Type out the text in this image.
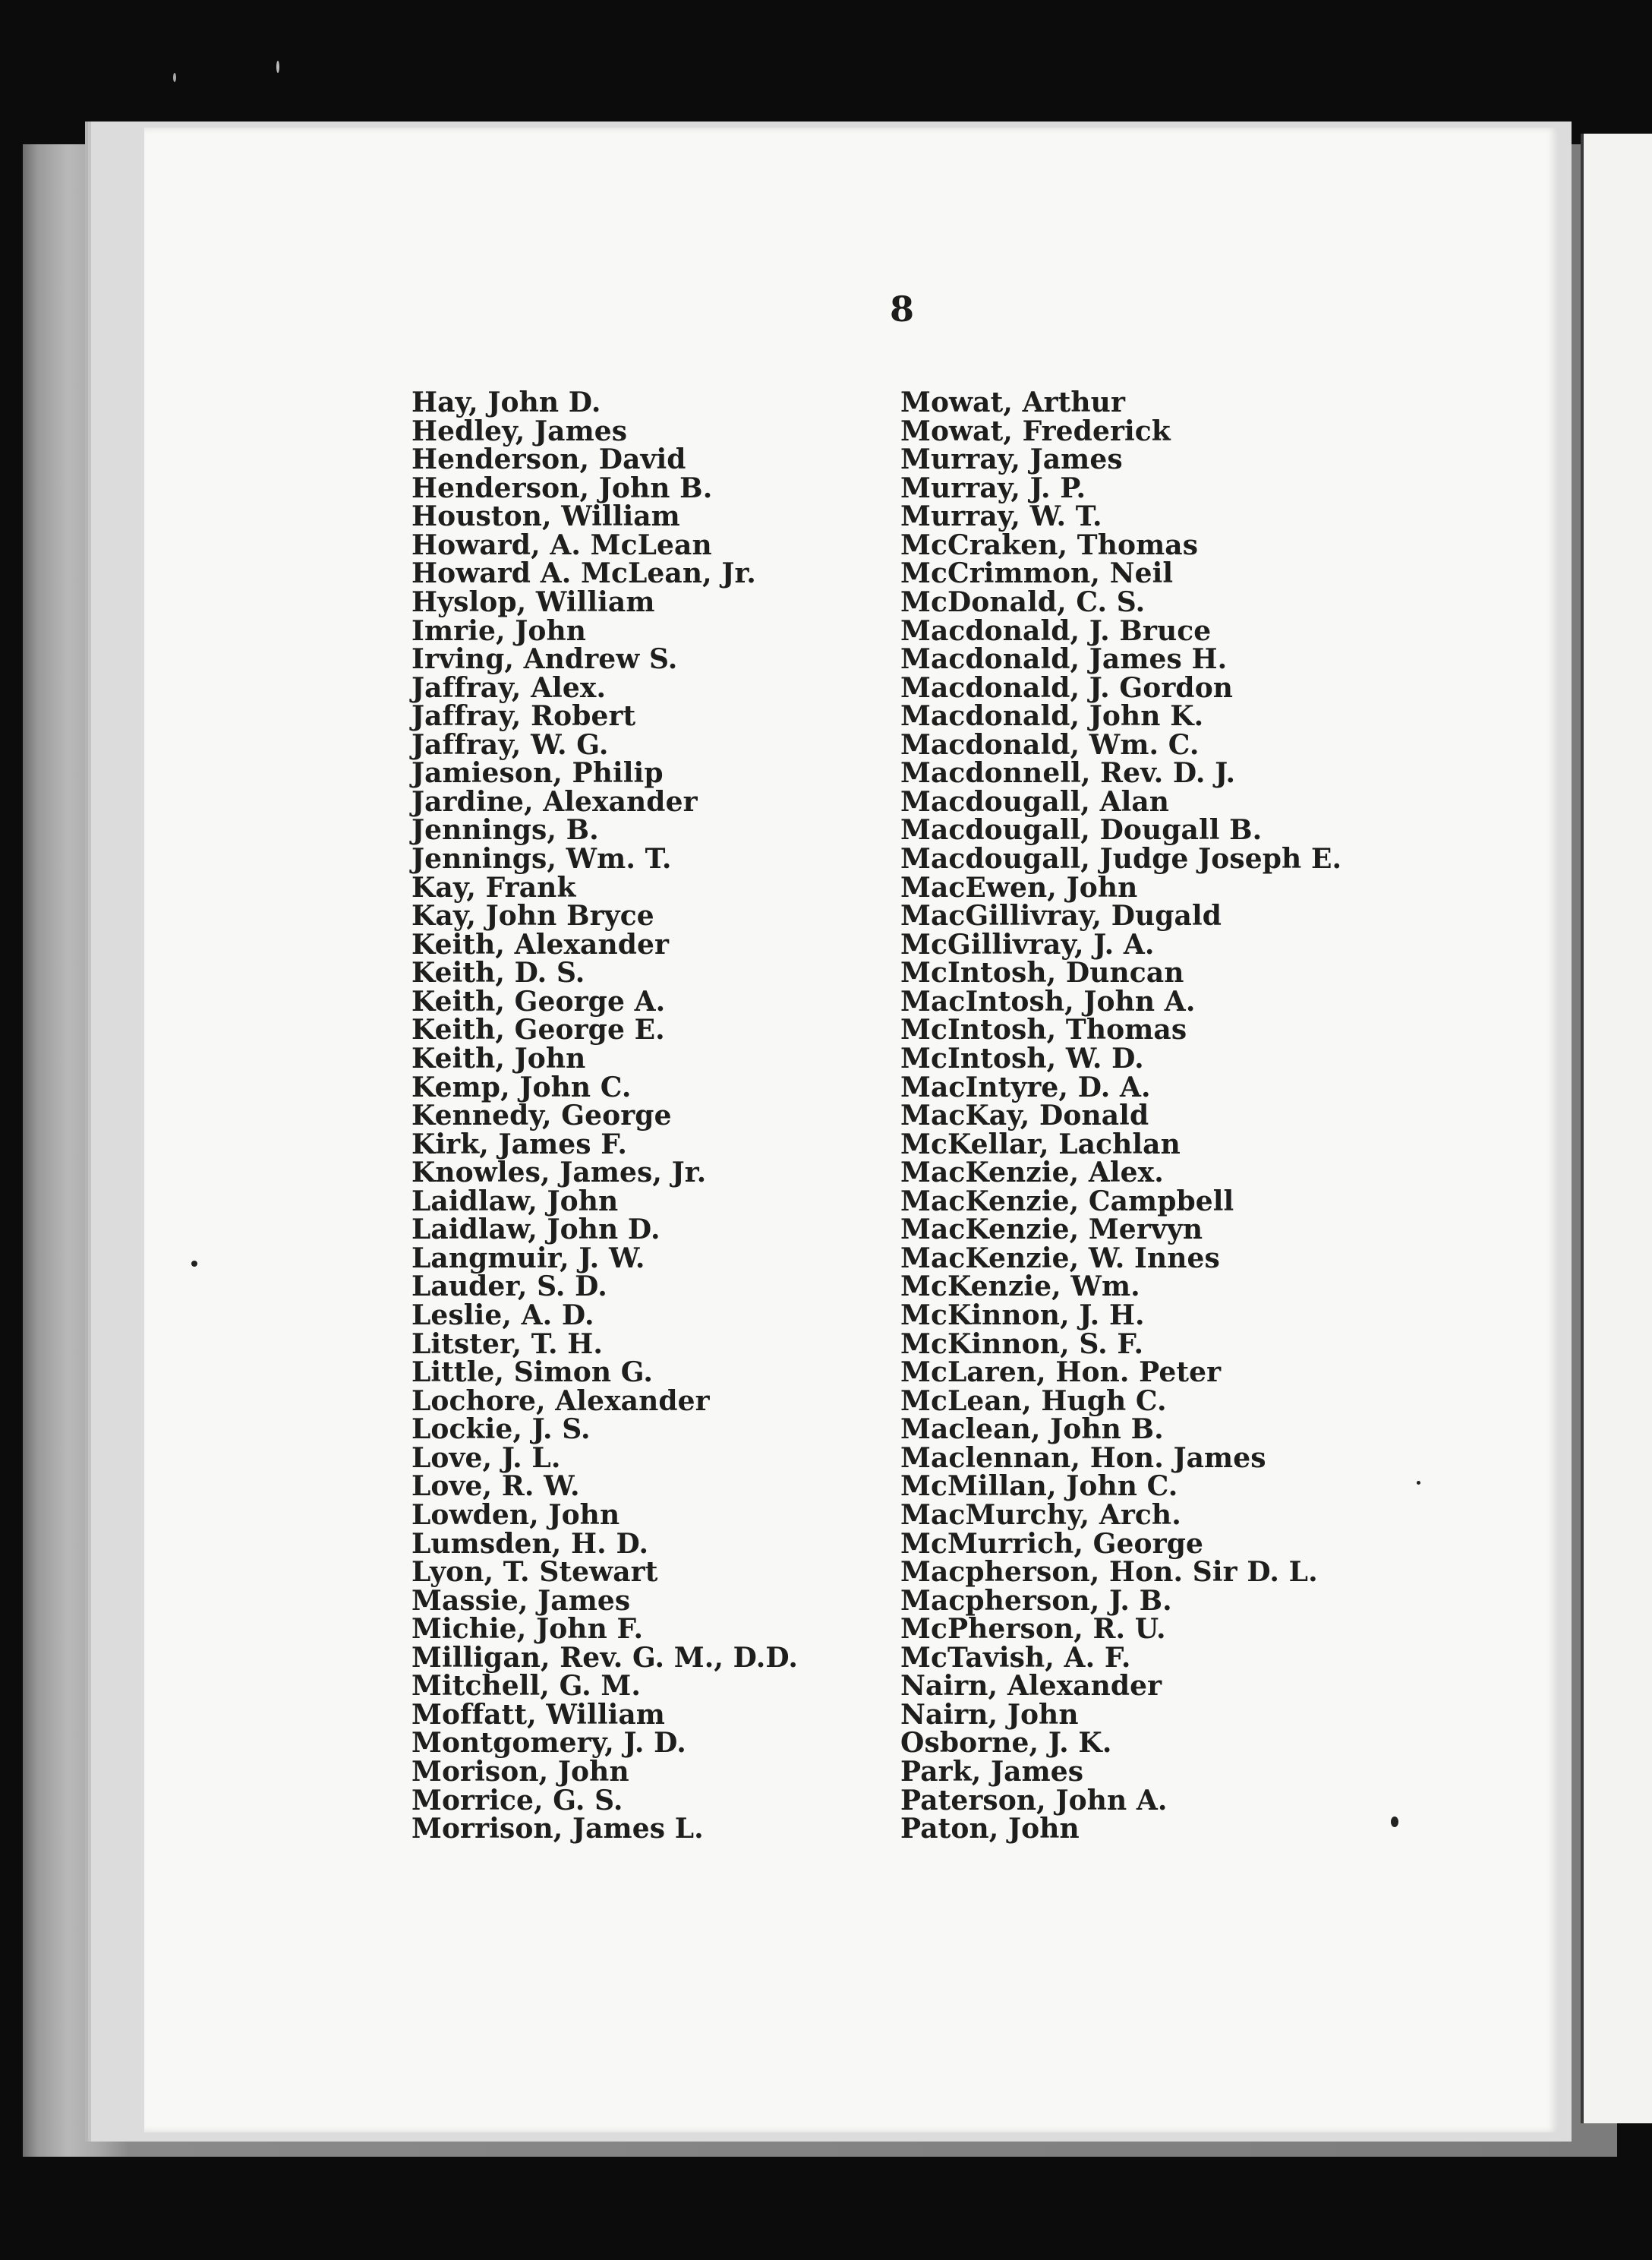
8
Hay, John D.
Hedley, James
Henderson, David
Henderson, John B.
Houston, William
Howard, A. McLean
Howard A. McLean, Jr.
Hyslop, William
Imrie, John
Irving, Andrew S.
Jaffray, Alex.
Jaffray, Robert
Jaffray, W. G.
Jamieson, Philip
Jardine, Alexander
Jennings, B.
Jennings, Wm. T.
Kay, Frank
Kay, John Bryce
Keith, Alexander
Keith, D. S.
Keith, George A.
Keith, George E.
Keith, John
Kemp, John C.
Kennedy, George
Kirk, James F.
Knowles, James, Jr.
Laidlaw, John
Laidlaw, John D.
Langmuir, J. W.
Lauder, S. D.
Leslie, A. D.
Litster, T. H.
Little, Simon G.
Lochore, Alexander
Lockie, J. S.
Love, J. L.
Love, R. W.
Lowden, John
Lumsden, H. D.
Lyon, T. Stewart
Massie, James
Michie, John F.
Milligan, Rev. G. M., D.D.
Mitchell, G. M.
Moffatt, William
Montgomery, J. D.
Morison, John
Morrice, G. S.
Morrison, James L.
Mowat, Arthur
Mowat, Frederick
Murray, James
Murray, J. P.
Murray, W. T.
McCraken, Thomas
McCrimmon, Neil
McDonald, C. S.
Macdonald, J. Bruce
Macdonald, James H.
Macdonald, J. Gordon
Macdonald, John K.
Macdonald, Wm. C.
Macdonnell, Rev. D. J.
Macdougall, Alan
Macdougall, Dougall B.
Macdougall, Judge Joseph E.
MacEwen, John
MacGillivray, Dugald
McGillivray, J. A.
McIntosh, Duncan
MacIntosh, John A.
McIntosh, Thomas
McIntosh, W. D.
MacIntyre, D. A.
MacKay, Donald
McKellar, Lachlan
MacKenzie, Alex.
MacKenzie, Campbell
MacKenzie, Mervyn
MacKenzie, W. Innes
McKenzie, Wm.
McKinnon, J. H.
McKinnon, S. F.
McLaren, Hon. Peter
McLean, Hugh C.
Maclean, John B.
Maclennan, Hon. James
McMillan, John C.
MacMurchy, Arch.
McMurrich, George
Macpherson, Hon. Sir D. L.
Macpherson, J. B.
McPherson, R. U.
McTavish, A. F.
Nairn, Alexander
Nairn, John
Osborne, J. K.
Park, James
Paterson, John A.
Paton, John
